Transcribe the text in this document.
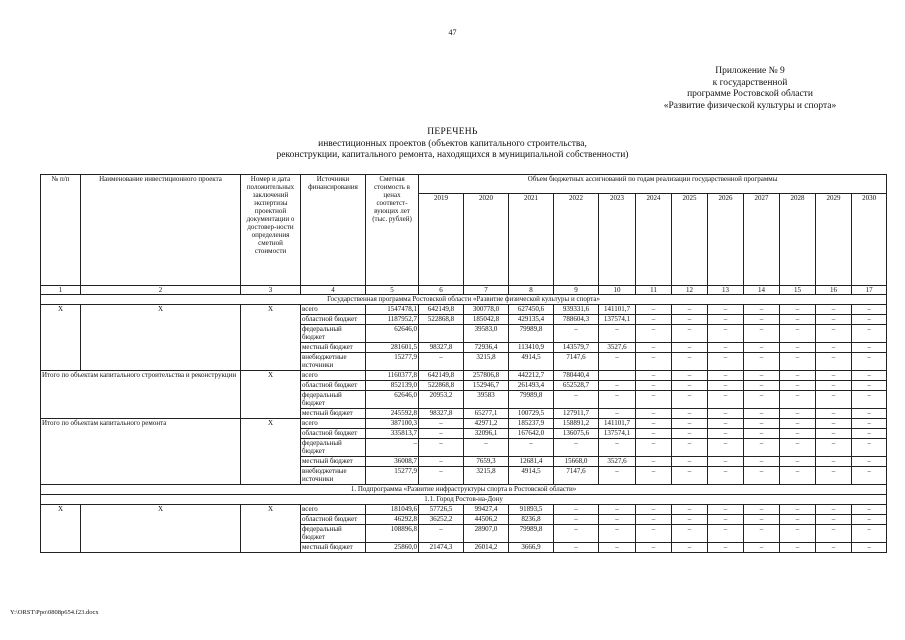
47
Приложение № 9
к государственной
программе Ростовской области
«Развитие физической культуры и спорта»
ПЕРЕЧЕНЬ
инвестиционных проектов (объектов капитального строительства,
реконструкции, капитального ремонта, находящихся в муниципальной собственности)
№ п/п	Наименование инвестиционного проекта	Номер и дата положительных заключений экспертизы проектной документации о достовер-ности определения сметной стоимости	Источники финансирования	Сметная стоимость в ценах соответст-вующих лет (тыс. рублей)	Объем бюджетных ассигнований по годам реализации государственной программы											
					2019	2020	2021	2022	2023	2024	2025	2026	2027	2028	2029	2030
1	2	3	4	5	6	7	8	9	10	11	12	13	14	15	16	17
Государственная программа Ростовской области «Развитие физической культуры и спорта»																
Х	Х	Х	всего	1547478,1	642149,8	300778,0	627450,6	939331,6	141101,7	–	–	–	–	–	–	–
			областной бюджет	1187952,7	522868,8	185042,8	429135,4	788604,3	137574,1	–	–	–	–	–	–	–
			федеральный бюджет	62646,0		39583,0	79989,8	–	–	–	–	–	–	–	–	–
			местный бюджет	281601,5	98327,8	72936,4	113410,9	143579,7	3527,6	–	–	–	–	–	–	–
			внебюджетные источники	15277,9	–	3215,8	4914,5	7147,6	–	–	–	–	–	–	–	–
Итого по объектам капитального строительства и реконструкции		Х	всего	1160377,8	642149,8	257806,8	442212,7	780440,4		–	–	–	–	–	–	–
			областной бюджет	852139,0	522868,8	152946,7	261493,4	652528,7	–	–	–	–	–	–	–	–
			федеральный бюджет	62646,0	20953,2	39583	79989,8	–	–	–	–	–	–	–	–	–
			местный бюджет	245592,8	98327,8	65277,1	100729,5	127911,7	–	–	–	–	–	–	–	–
Итого по объектам капитального ремонта		Х	всего	387100,3	–	42971,2	185237,9	158891,2	141101,7	–	–	–	–	–	–	–
			областной бюджет	335813,7	–	32096,1	167642,0	136075,6	137574,1	–	–	–	–	–	–	–
			федеральный бюджет	–	–	–	–	–	–	–	–	–	–	–	–	–
			местный бюджет	36008,7	–	7659,3	12681,4	15668,0	3527,6	–	–	–	–	–	–	–
			внебюджетные источники	15277,9	–	3215,8	4914,5	7147,6	–	–	–	–	–	–	–	–
1. Подпрограмма «Развитие инфраструктуры спорта в Ростовской области»																
1.1. Город Ростов-на-Дону																
Х	Х	Х	всего	181049,6	57726,5	99427,4	91893,5	–	–	–	–	–	–	–	–	–
			областной бюджет	46292,8	36252,2	44506,2	8236,8	–	–	–	–	–	–	–	–	–
			федеральный бюджет	108896,8	–	28907,0	79989,8	–	–	–	–	–	–	–	–	–
			местный бюджет	25860,0	21474,3	26014,2	3666,9	–	–	–	–	–	–	–	–	–
Y:\ORST\Ppo\0808p654.f23.docx
